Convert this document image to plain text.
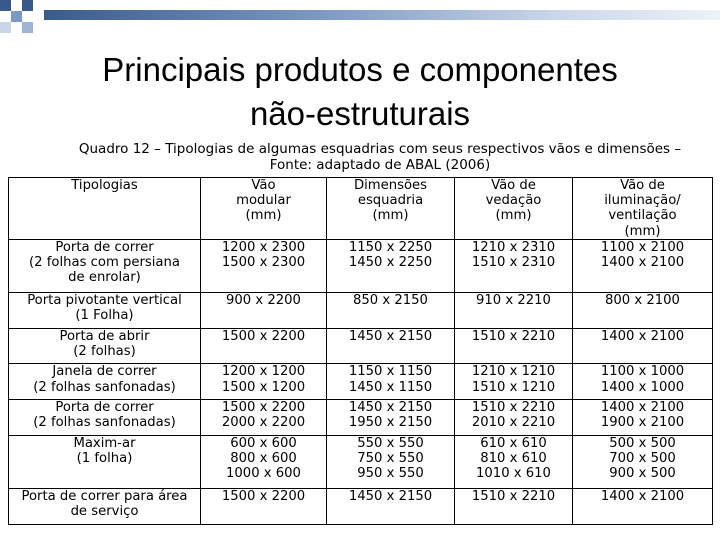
Principais produtos e componentes
não-estruturais
Quadro 12 – Tipologias de algumas esquadrias com seus respectivos vãos e dimensões –
Fonte: adaptado de ABAL (2006)
Tipologias	Vão
modular
(mm)	Dimensões
esquadria
(mm)	Vão de
vedação
(mm)	Vão de
iluminação/
ventilação
(mm)

Porta de correr
(2 folhas com persiana
de enrolar)	1200 x 2300
1500 x 2300	1150 x 2250
1450 x 2250	1210 x 2310
1510 x 2310	1100 x 2100
1400 x 2100

Porta pivotante vertical
(1 Folha)	900 x 2200	850 x 2150	910 x 2210	800 x 2100

Porta de abrir
(2 folhas)	1500 x 2200	1450 x 2150	1510 x 2210	1400 x 2100

Janela de correr
(2 folhas sanfonadas)	1200 x 1200
1500 x 1200	1150 x 1150
1450 x 1150	1210 x 1210
1510 x 1210	1100 x 1000
1400 x 1000

Porta de correr
(2 folhas sanfonadas)	1500 x 2200
2000 x 2200	1450 x 2150
1950 x 2150	1510 x 2210
2010 x 2210	1400 x 2100
1900 x 2100

Maxim-ar
(1 folha)	600 x 600
800 x 600
1000 x 600	550 x 550
750 x 550
950 x 550	610 x 610
810 x 610
1010 x 610	500 x 500
700 x 500
900 x 500

Porta de correr para área
de serviço	1500 x 2200	1450 x 2150	1510 x 2210	1400 x 2100
